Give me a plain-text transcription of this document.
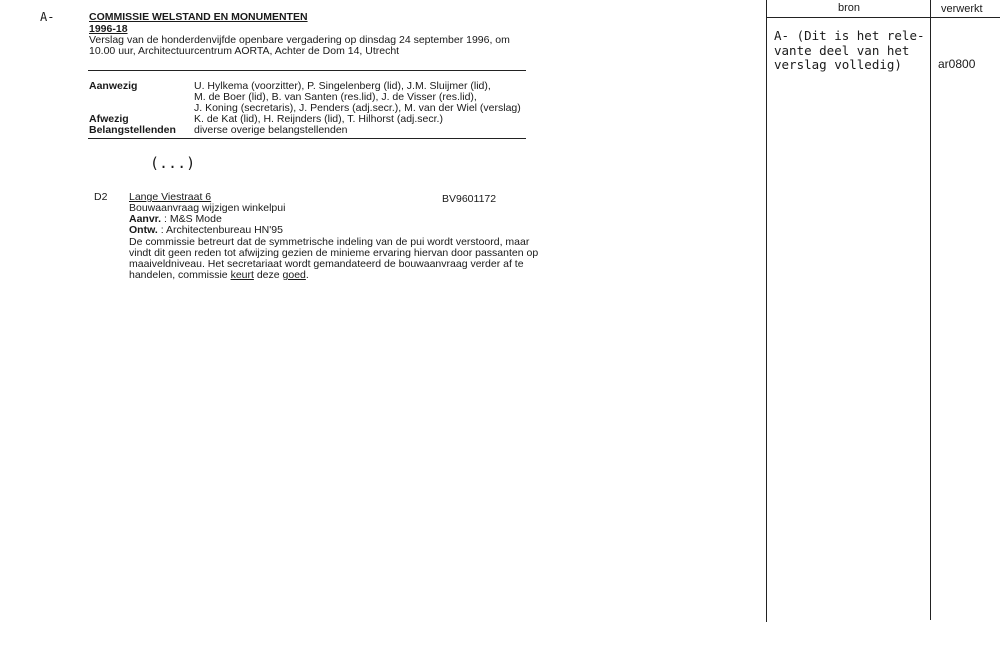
A-	COMMISSIE WELSTAND EN MONUMENTEN
1996-18
Verslag van de honderdenvijfde openbare vergadering op dinsdag 24 september 1996, om
10.00 uur, Architectuurcentrum AORTA, Achter de Dom 14, Utrecht
Aanwezig	U. Hylkema (voorzitter), P. Singelenberg (lid), J.M. Sluijmer (lid),
M. de Boer (lid), B. van Santen (res.lid), J. de Visser (res.lid),
J. Koning (secretaris), J. Penders (adj.secr.), M. van der Wiel (verslag)
Afwezig	K. de Kat (lid), H. Reijnders (lid), T. Hilhorst (adj.secr.)
Belangstellenden diverse overige belangstellenden
(...)
D2 Lange Viestraat 6	BV9601172
Bouwaanvraag wijzigen winkelpui
Aanvr. : M&S Mode
Ontw. : Architectenbureau HN'95
De commissie betreurt dat de symmetrische indeling van de pui wordt verstoord, maar
vindt dit geen reden tot afwijzing gezien de minieme ervaring hiervan door passanten op
maaiveldniveau. Het secretariaat wordt gemandateerd de bouwaanvraag verder af te
handelen, commissie keurt deze goed.
bron	verwerkt
A- (Dit is het rele-
vante deel van het
verslag volledig)	ar0800
